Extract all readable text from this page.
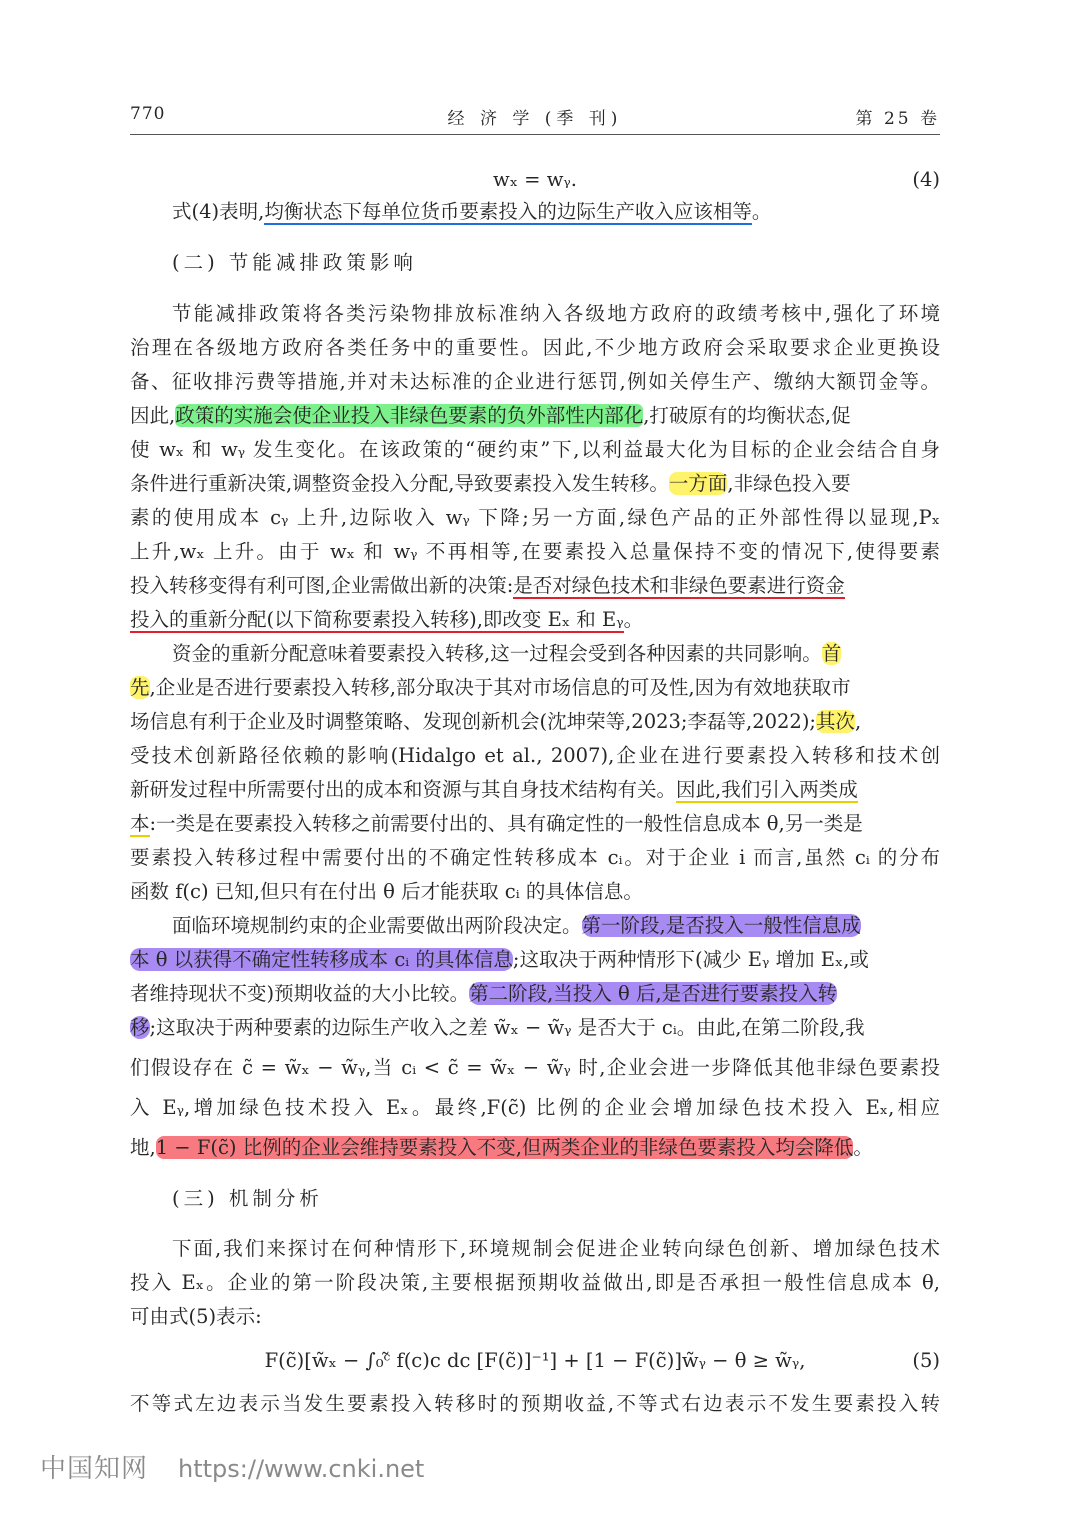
770	经 济 学 (季 刊)	第 25 卷
wₓ = wᵧ.	(4)
式(4)表明,均衡状态下每单位货币要素投入的边际生产收入应该相等。
(二) 节能减排政策影响
节能减排政策将各类污染物排放标准纳入各级地方政府的政绩考核中,强化了环境
治理在各级地方政府各类任务中的重要性。因此,不少地方政府会采取要求企业更换设
备、征收排污费等措施,并对未达标准的企业进行惩罚,例如关停生产、缴纳大额罚金等。
因此,政策的实施会使企业投入非绿色要素的负外部性内部化,打破原有的均衡状态,促
使 wₓ 和 wᵧ 发生变化。在该政策的“硬约束”下,以利益最大化为目标的企业会结合自身
条件进行重新决策,调整资金投入分配,导致要素投入发生转移。一方面,非绿色投入要
素的使用成本 cᵧ 上升,边际收入 wᵧ 下降;另一方面,绿色产品的正外部性得以显现,Pₓ
上升,wₓ 上升。由于 wₓ 和 wᵧ 不再相等,在要素投入总量保持不变的情况下,使得要素
投入转移变得有利可图,企业需做出新的决策:是否对绿色技术和非绿色要素进行资金
投入的重新分配(以下简称要素投入转移),即改变 Eₓ 和 Eᵧ。
资金的重新分配意味着要素投入转移,这一过程会受到各种因素的共同影响。首
先,企业是否进行要素投入转移,部分取决于其对市场信息的可及性,因为有效地获取市
场信息有利于企业及时调整策略、发现创新机会(沈坤荣等,2023;李磊等,2022);其次,
受技术创新路径依赖的影响(Hidalgo et al., 2007),企业在进行要素投入转移和技术创
新研发过程中所需要付出的成本和资源与其自身技术结构有关。因此,我们引入两类成
本:一类是在要素投入转移之前需要付出的、具有确定性的一般性信息成本 θ,另一类是
要素投入转移过程中需要付出的不确定性转移成本 cᵢ。对于企业 i 而言,虽然 cᵢ 的分布
函数 f(c) 已知,但只有在付出 θ 后才能获取 cᵢ 的具体信息。
面临环境规制约束的企业需要做出两阶段决定。第一阶段,是否投入一般性信息成
本 θ 以获得不确定性转移成本 cᵢ 的具体信息;这取决于两种情形下(减少 Eᵧ 增加 Eₓ,或
者维持现状不变)预期收益的大小比较。第二阶段,当投入 θ 后,是否进行要素投入转
移;这取决于两种要素的边际生产收入之差 w̃ₓ − w̃ᵧ 是否大于 cᵢ。由此,在第二阶段,我
们假设存在 c̃ = w̃ₓ − w̃ᵧ,当 cᵢ < c̃ = w̃ₓ − w̃ᵧ 时,企业会进一步降低其他非绿色要素投
入 Eᵧ,增加绿色技术投入 Eₓ。最终,F(c̃) 比例的企业会增加绿色技术投入 Eₓ,相应
地,1 − F(c̃) 比例的企业会维持要素投入不变,但两类企业的非绿色要素投入均会降低。
(三) 机制分析
下面,我们来探讨在何种情形下,环境规制会促进企业转向绿色创新、增加绿色技术
投入 Eₓ。企业的第一阶段决策,主要根据预期收益做出,即是否承担一般性信息成本 θ,
可由式(5)表示:
F(c̃)[w̃ₓ − ∫₀ᶜ̃ f(c)c dc [F(c̃)]⁻¹] + [1 − F(c̃)]w̃ᵧ − θ ≥ w̃ᵧ,	(5)
不等式左边表示当发生要素投入转移时的预期收益,不等式右边表示不发生要素投入转
中国知网 https://www.cnki.net
